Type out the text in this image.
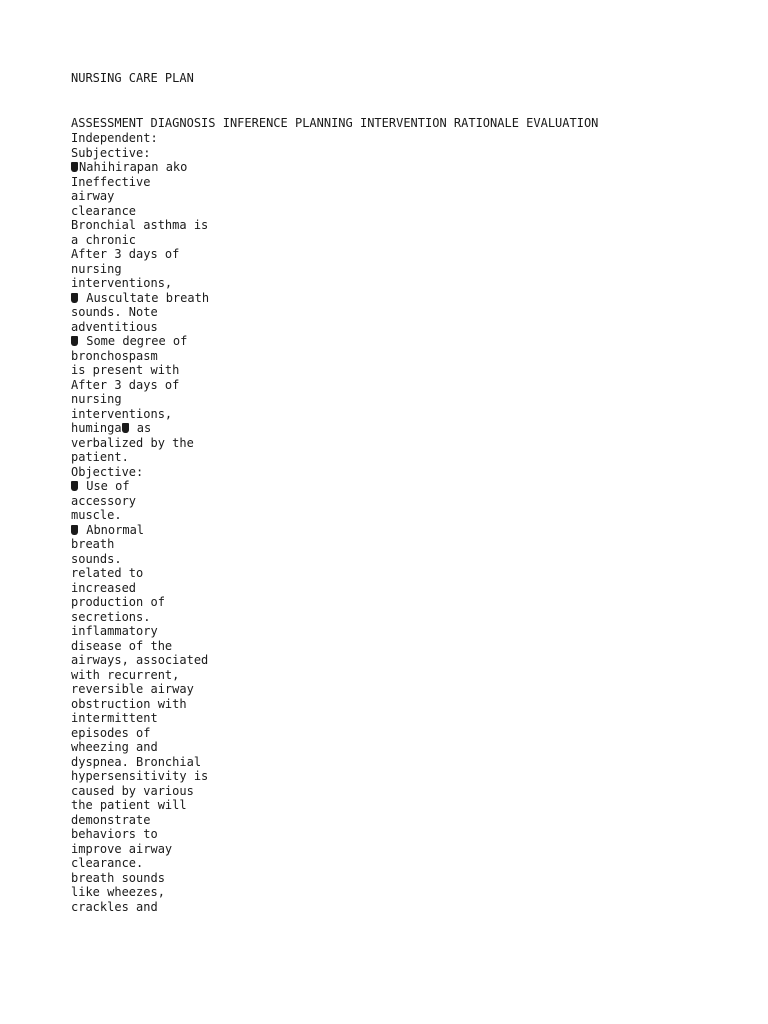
NURSING CARE PLAN
ASSESSMENT DIAGNOSIS INFERENCE PLANNING INTERVENTION RATIONALE EVALUATION
Independent:
Subjective:
Nahihirapan ako
Ineffective
airway
clearance
Bronchial asthma is
a chronic
After 3 days of
nursing
interventions,
Auscultate breath
sounds. Note
adventitious
Some degree of
bronchospasm
is present with
After 3 days of
nursing
interventions,
huminga as
verbalized by the
patient.
Objective:
Use of
accessory
muscle.
Abnormal
breath
sounds.
related to
increased
production of
secretions.
inflammatory
disease of the
airways, associated
with recurrent,
reversible airway
obstruction with
intermittent
episodes of
wheezing and
dyspnea. Bronchial
hypersensitivity is
caused by various
the patient will
demonstrate
behaviors to
improve airway
clearance.
breath sounds
like wheezes,
crackles and
